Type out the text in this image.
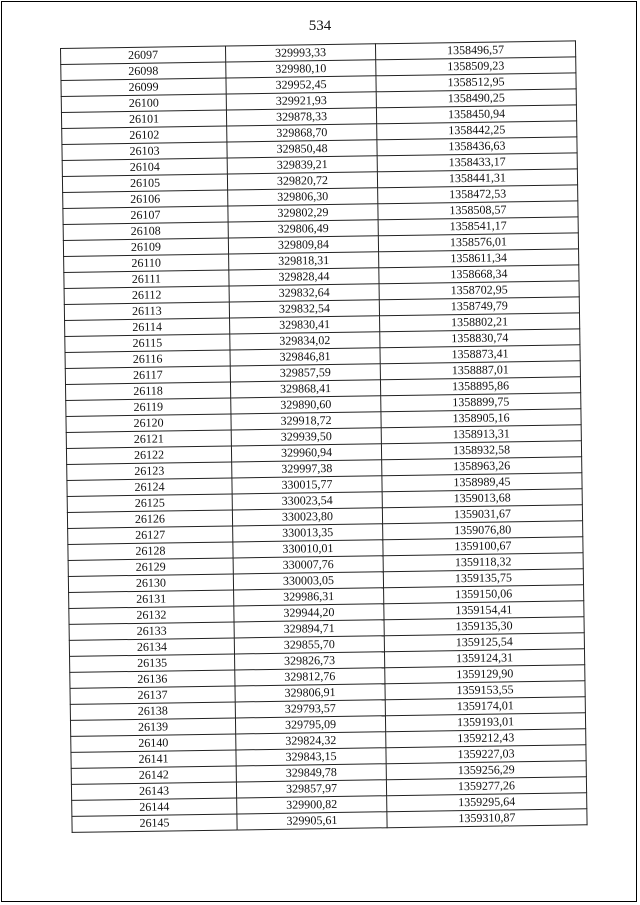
534
26097	329993,33	1358496,57
26098	329980,10	1358509,23
26099	329952,45	1358512,95
26100	329921,93	1358490,25
26101	329878,33	1358450,94
26102	329868,70	1358442,25
26103	329850,48	1358436,63
26104	329839,21	1358433,17
26105	329820,72	1358441,31
26106	329806,30	1358472,53
26107	329802,29	1358508,57
26108	329806,49	1358541,17
26109	329809,84	1358576,01
26110	329818,31	1358611,34
26111	329828,44	1358668,34
26112	329832,64	1358702,95
26113	329832,54	1358749,79
26114	329830,41	1358802,21
26115	329834,02	1358830,74
26116	329846,81	1358873,41
26117	329857,59	1358887,01
26118	329868,41	1358895,86
26119	329890,60	1358899,75
26120	329918,72	1358905,16
26121	329939,50	1358913,31
26122	329960,94	1358932,58
26123	329997,38	1358963,26
26124	330015,77	1358989,45
26125	330023,54	1359013,68
26126	330023,80	1359031,67
26127	330013,35	1359076,80
26128	330010,01	1359100,67
26129	330007,76	1359118,32
26130	330003,05	1359135,75
26131	329986,31	1359150,06
26132	329944,20	1359154,41
26133	329894,71	1359135,30
26134	329855,70	1359125,54
26135	329826,73	1359124,31
26136	329812,76	1359129,90
26137	329806,91	1359153,55
26138	329793,57	1359174,01
26139	329795,09	1359193,01
26140	329824,32	1359212,43
26141	329843,15	1359227,03
26142	329849,78	1359256,29
26143	329857,97	1359277,26
26144	329900,82	1359295,64
26145	329905,61	1359310,87
